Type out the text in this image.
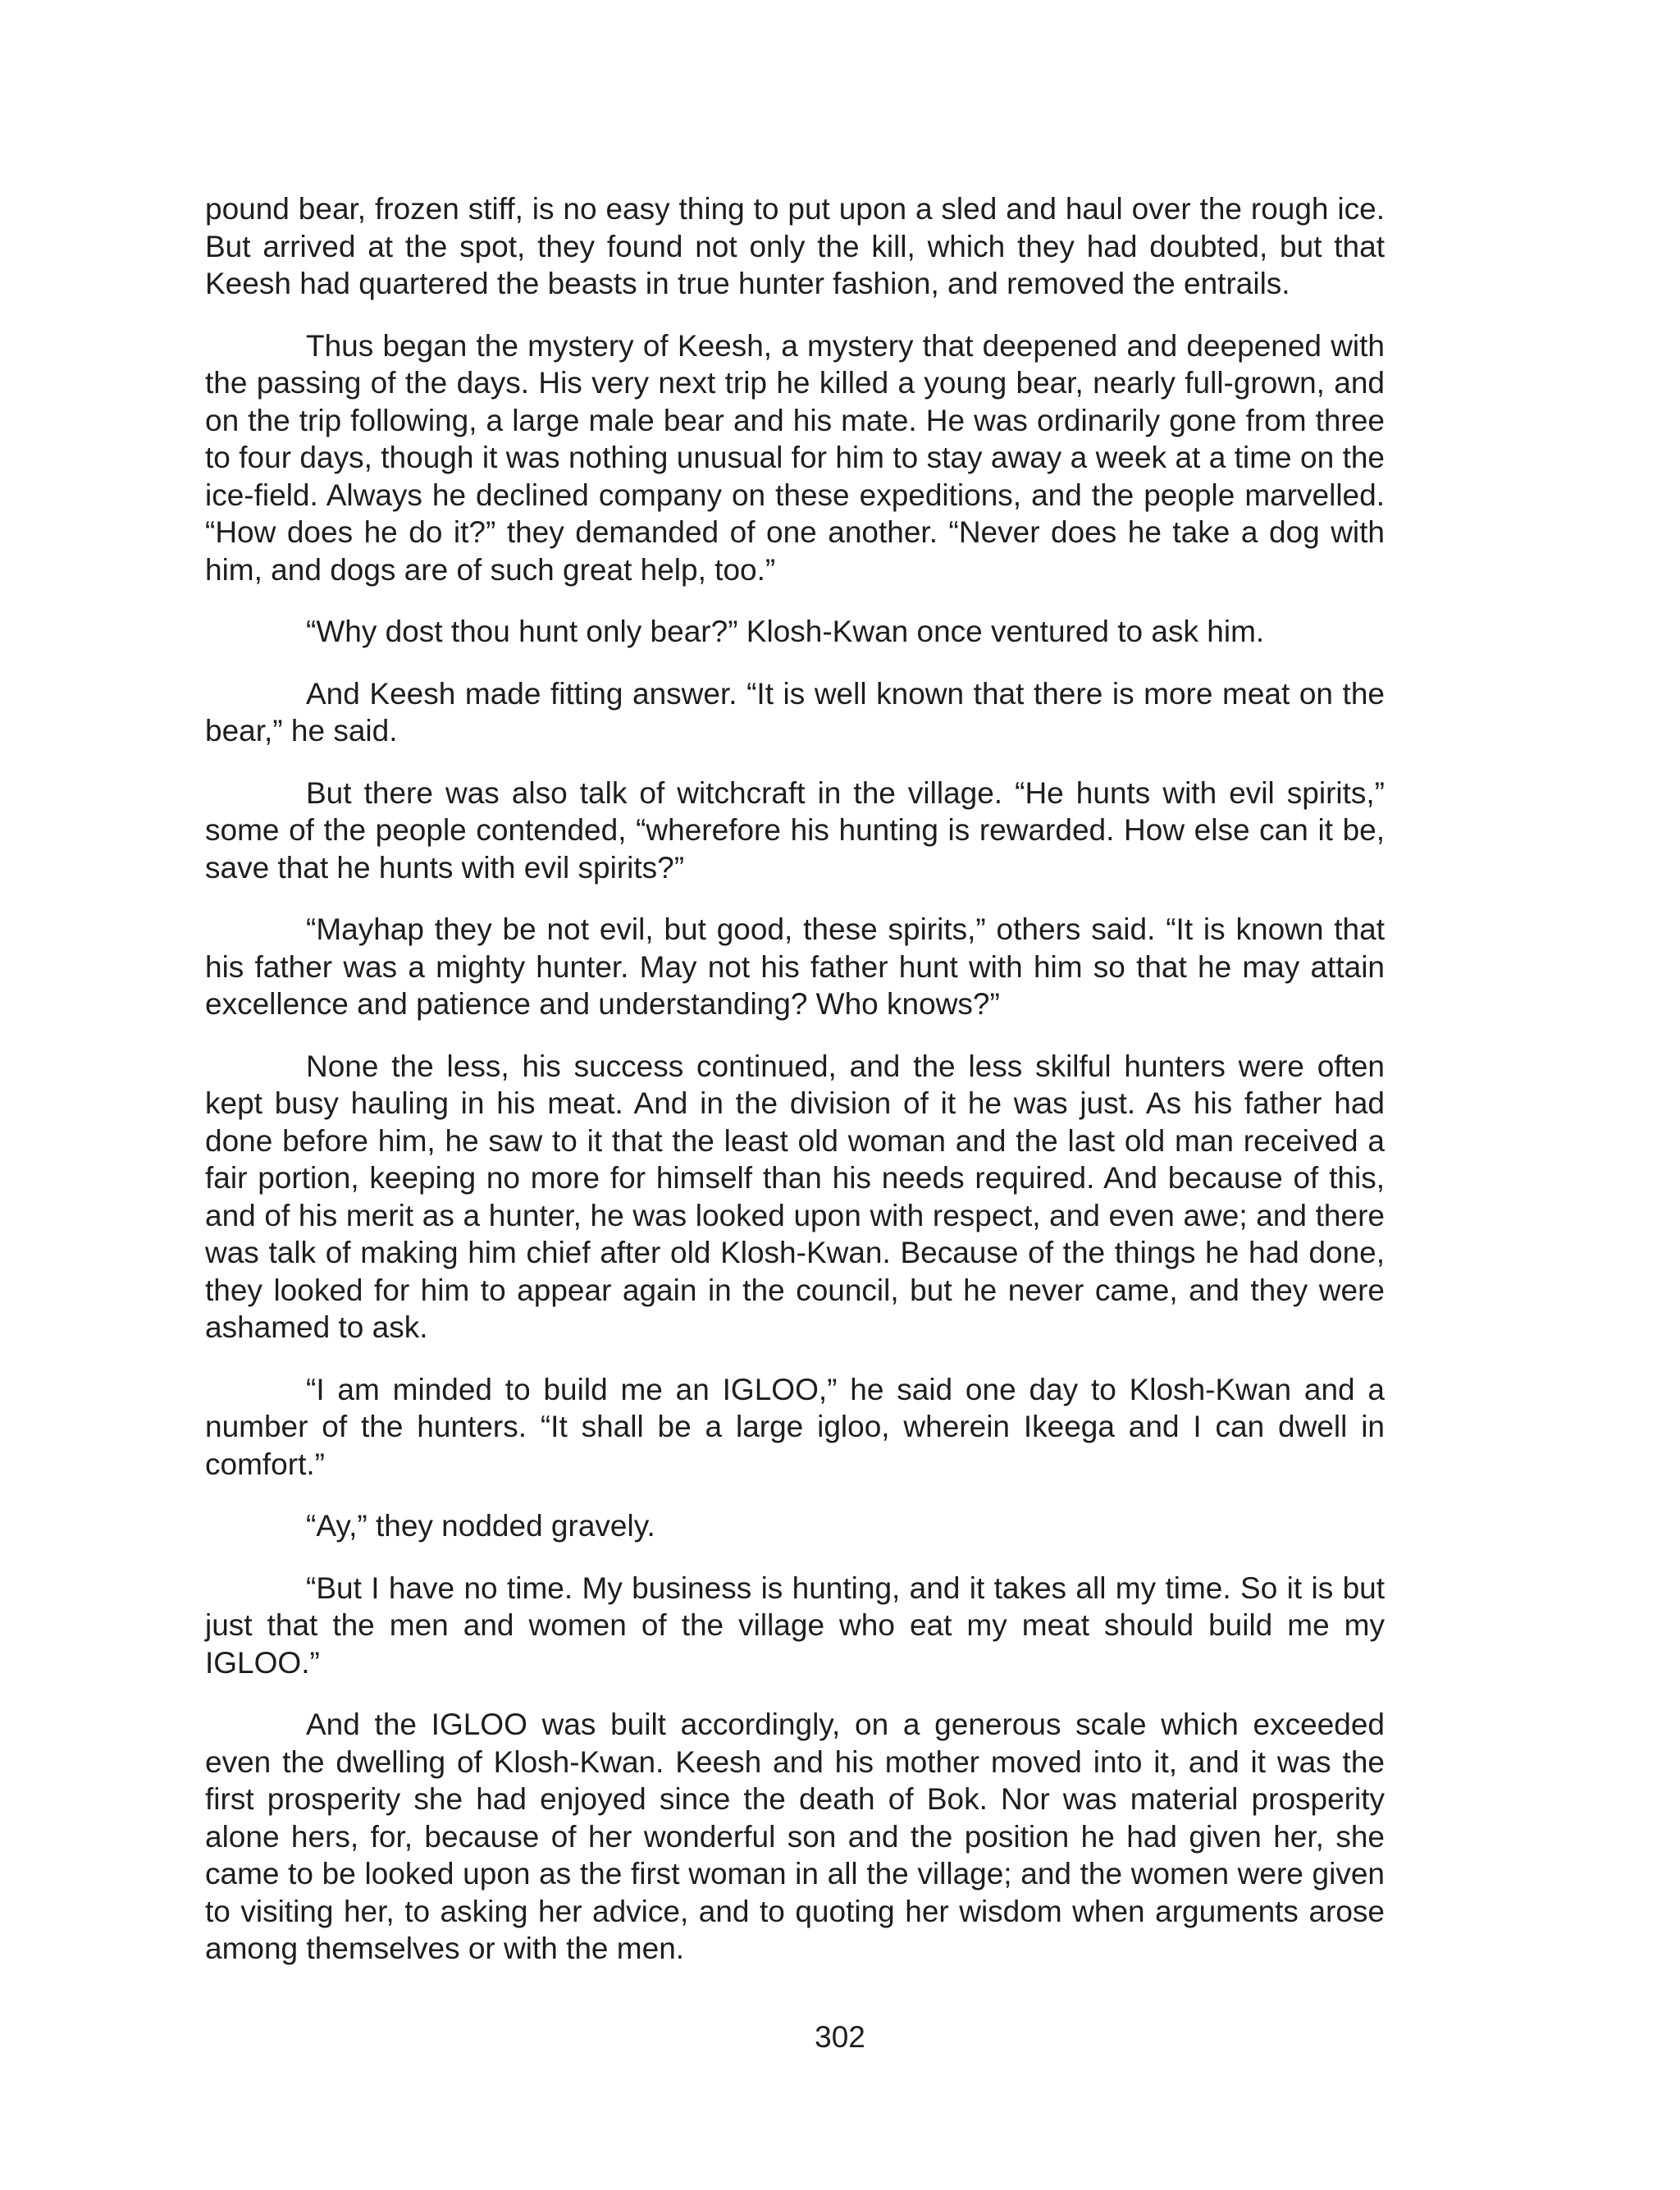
pound bear, frozen stiff, is no easy thing to put upon a sled and haul over the rough ice. But arrived at the spot, they found not only the kill, which they had doubted, but that Keesh had quartered the beasts in true hunter fashion, and removed the entrails.

Thus began the mystery of Keesh, a mystery that deepened and deepened with the passing of the days. His very next trip he killed a young bear, nearly full-grown, and on the trip following, a large male bear and his mate. He was ordinarily gone from three to four days, though it was nothing unusual for him to stay away a week at a time on the ice-field. Always he declined company on these expeditions, and the people marvelled. “How does he do it?” they demanded of one another. “Never does he take a dog with him, and dogs are of such great help, too.”

“Why dost thou hunt only bear?” Klosh-Kwan once ventured to ask him.

And Keesh made fitting answer. “It is well known that there is more meat on the bear,” he said.

But there was also talk of witchcraft in the village. “He hunts with evil spirits,” some of the people contended, “wherefore his hunting is rewarded. How else can it be, save that he hunts with evil spirits?”

“Mayhap they be not evil, but good, these spirits,” others said. “It is known that his father was a mighty hunter. May not his father hunt with him so that he may attain excellence and patience and understanding? Who knows?”

None the less, his success continued, and the less skilful hunters were often kept busy hauling in his meat. And in the division of it he was just. As his father had done before him, he saw to it that the least old woman and the last old man received a fair portion, keeping no more for himself than his needs required. And because of this, and of his merit as a hunter, he was looked upon with respect, and even awe; and there was talk of making him chief after old Klosh-Kwan. Because of the things he had done, they looked for him to appear again in the council, but he never came, and they were ashamed to ask.

“I am minded to build me an IGLOO,” he said one day to Klosh-Kwan and a number of the hunters. “It shall be a large igloo, wherein Ikeega and I can dwell in comfort.”

“Ay,” they nodded gravely.

“But I have no time. My business is hunting, and it takes all my time. So it is but just that the men and women of the village who eat my meat should build me my IGLOO.”

And the IGLOO was built accordingly, on a generous scale which exceeded even the dwelling of Klosh-Kwan. Keesh and his mother moved into it, and it was the first prosperity she had enjoyed since the death of Bok. Nor was material prosperity alone hers, for, because of her wonderful son and the position he had given her, she came to be looked upon as the first woman in all the village; and the women were given to visiting her, to asking her advice, and to quoting her wisdom when arguments arose among themselves or with the men.

302
